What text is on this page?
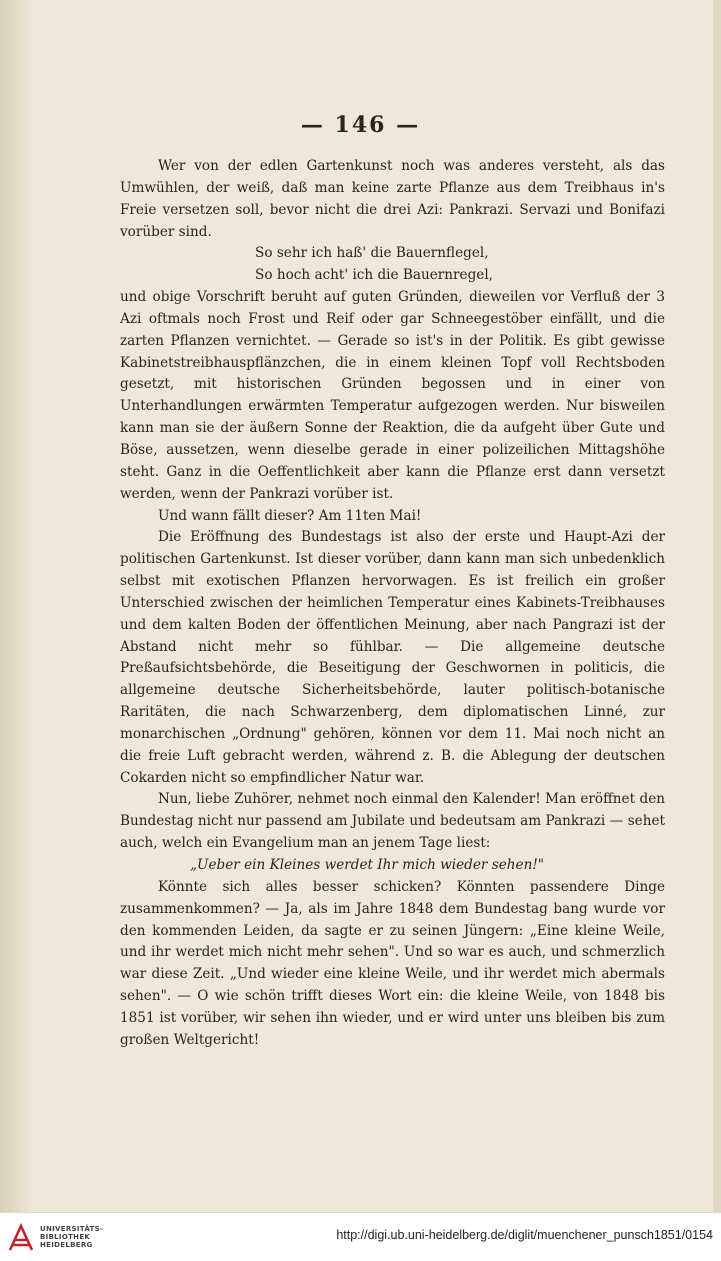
— 146 —

Wer von der edlen Gartenkunst noch was anderes versteht, als das Umwühlen, der weiß, daß man keine zarte Pflanze aus dem Treibhaus in's Freie versetzen soll, bevor nicht die drei Azi: Pankrazi. Servazi und Bonifazi vorüber sind.

So sehr ich haß' die Bauernflegel,
So hoch acht' ich die Bauernregel,

und obige Vorschrift beruht auf guten Gründen, dieweilen vor Verfluß der 3 Azi oftmals noch Frost und Reif oder gar Schneegestöber einfällt, und die zarten Pflanzen vernichtet. — Gerade so ist's in der Politik. Es gibt gewisse Kabinetstreibhauspflänzchen, die in einem kleinen Topf voll Rechtsboden gesetzt, mit historischen Gründen begossen und in einer von Unterhandlungen erwärmten Temperatur aufgezogen werden. Nur bisweilen kann man sie der äußern Sonne der Reaktion, die da aufgeht über Gute und Böse, aussetzen, wenn dieselbe gerade in einer polizeilichen Mittagshöhe steht. Ganz in die Oeffentlichkeit aber kann die Pflanze erst dann versetzt werden, wenn der Pankrazi vorüber ist.

Und wann fällt dieser? Am 11ten Mai!

Die Eröffnung des Bundestags ist also der erste und Haupt-Azi der politischen Gartenkunst. Ist dieser vorüber, dann kann man sich unbedenklich selbst mit exotischen Pflanzen hervorwagen. Es ist freilich ein großer Unterschied zwischen der heimlichen Temperatur eines Kabinets-Treibhauses und dem kalten Boden der öffentlichen Meinung, aber nach Pangrazi ist der Abstand nicht mehr so fühlbar. — Die allgemeine deutsche Preßaufsichtsbehörde, die Beseitigung der Geschwornen in politicis, die allgemeine deutsche Sicherheitsbehörde, lauter politisch-botanische Raritäten, die nach Schwarzenberg, dem diplomatischen Linné, zur monarchischen „Ordnung" gehören, können vor dem 11. Mai noch nicht an die freie Luft gebracht werden, während z. B. die Ablegung der deutschen Cokarden nicht so empfindlicher Natur war.

Nun, liebe Zuhörer, nehmet noch einmal den Kalender! Man eröffnet den Bundestag nicht nur passend am Jubilate und bedeutsam am Pankrazi — sehet auch, welch ein Evangelium man an jenem Tage liest:

„Ueber ein Kleines werdet Ihr mich wieder sehen!"

Könnte sich alles besser schicken? Könnten passendere Dinge zusammenkommen? — Ja, als im Jahre 1848 dem Bundestag bang wurde vor den kommenden Leiden, da sagte er zu seinen Jüngern: „Eine kleine Weile, und ihr werdet mich nicht mehr sehen". Und so war es auch, und schmerzlich war diese Zeit. „Und wieder eine kleine Weile, und ihr werdet mich abermals sehen". — O wie schön trifft dieses Wort ein: die kleine Weile, von 1848 bis 1851 ist vorüber, wir sehen ihn wieder, und er wird unter uns bleiben bis zum großen Weltgericht!

UNIVERSITÄTS-
BIBLIOTHEK
HEIDELBERG
http://digi.ub.uni-heidelberg.de/diglit/muenchener_punsch1851/0154
